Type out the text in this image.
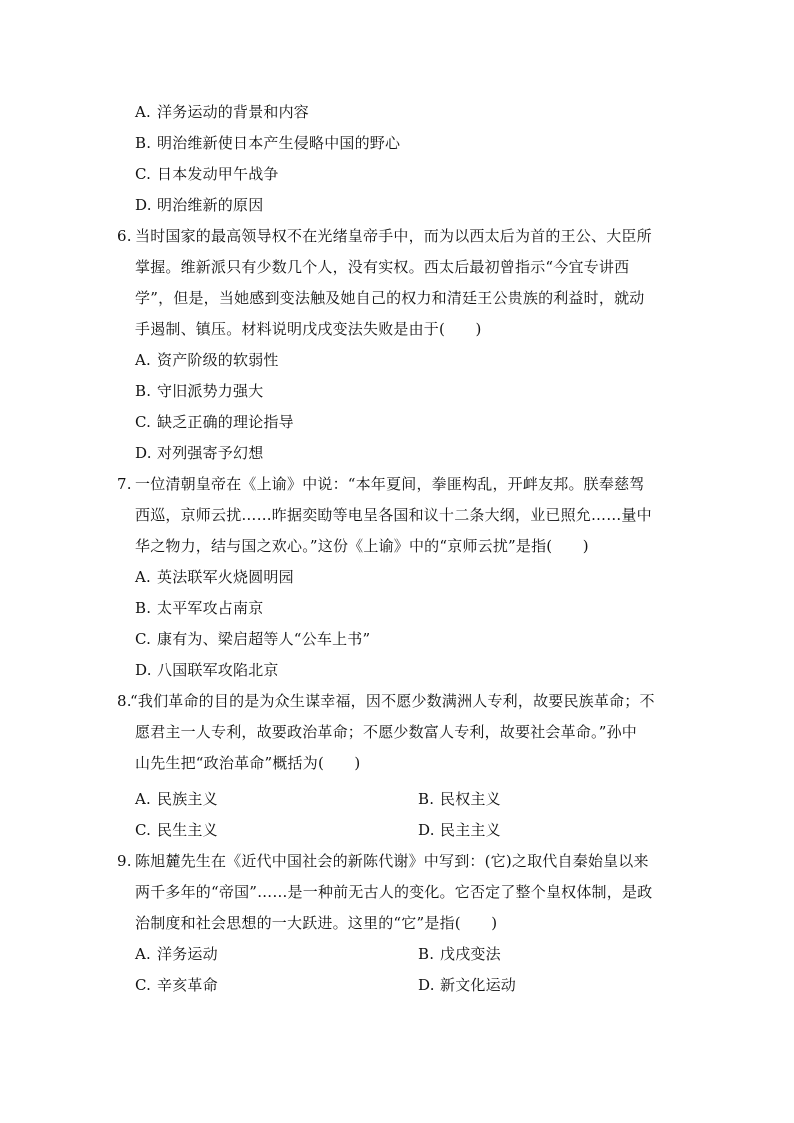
A. 洋务运动的背景和内容
B. 明治维新使日本产生侵略中国的野心
C. 日本发动甲午战争
D. 明治维新的原因
6. 当时国家的最高领导权不在光绪皇帝手中，而为以西太后为首的王公、大臣所
掌握。维新派只有少数几个人，没有实权。西太后最初曾指示“今宜专讲西
学”，但是，当她感到变法触及她自己的权力和清廷王公贵族的利益时，就动
手遏制、镇压。材料说明戊戌变法失败是由于(　　)
A. 资产阶级的软弱性
B. 守旧派势力强大
C. 缺乏正确的理论指导
D. 对列强寄予幻想
7. 一位清朝皇帝在《上谕》中说：“本年夏间，拳匪构乱，开衅友邦。朕奉慈驾
西巡，京师云扰……昨据奕劻等电呈各国和议十二条大纲，业已照允……量中
华之物力，结与国之欢心。”这份《上谕》中的“京师云扰”是指(　　)
A. 英法联军火烧圆明园
B. 太平军攻占南京
C. 康有为、梁启超等人“公车上书”
D. 八国联军攻陷北京
8.“我们革命的目的是为众生谋幸福，因不愿少数满洲人专利，故要民族革命；不
愿君主一人专利，故要政治革命；不愿少数富人专利，故要社会革命。”孙中
山先生把“政治革命”概括为(　　)
A. 民族主义	B. 民权主义
C. 民生主义	D. 民主主义
9. 陈旭麓先生在《近代中国社会的新陈代谢》中写到：(它)之取代自秦始皇以来
两千多年的“帝国”……是一种前无古人的变化。它否定了整个皇权体制，是政
治制度和社会思想的一大跃进。这里的“它”是指(　　)
A. 洋务运动	B. 戊戌变法
C. 辛亥革命	D. 新文化运动
